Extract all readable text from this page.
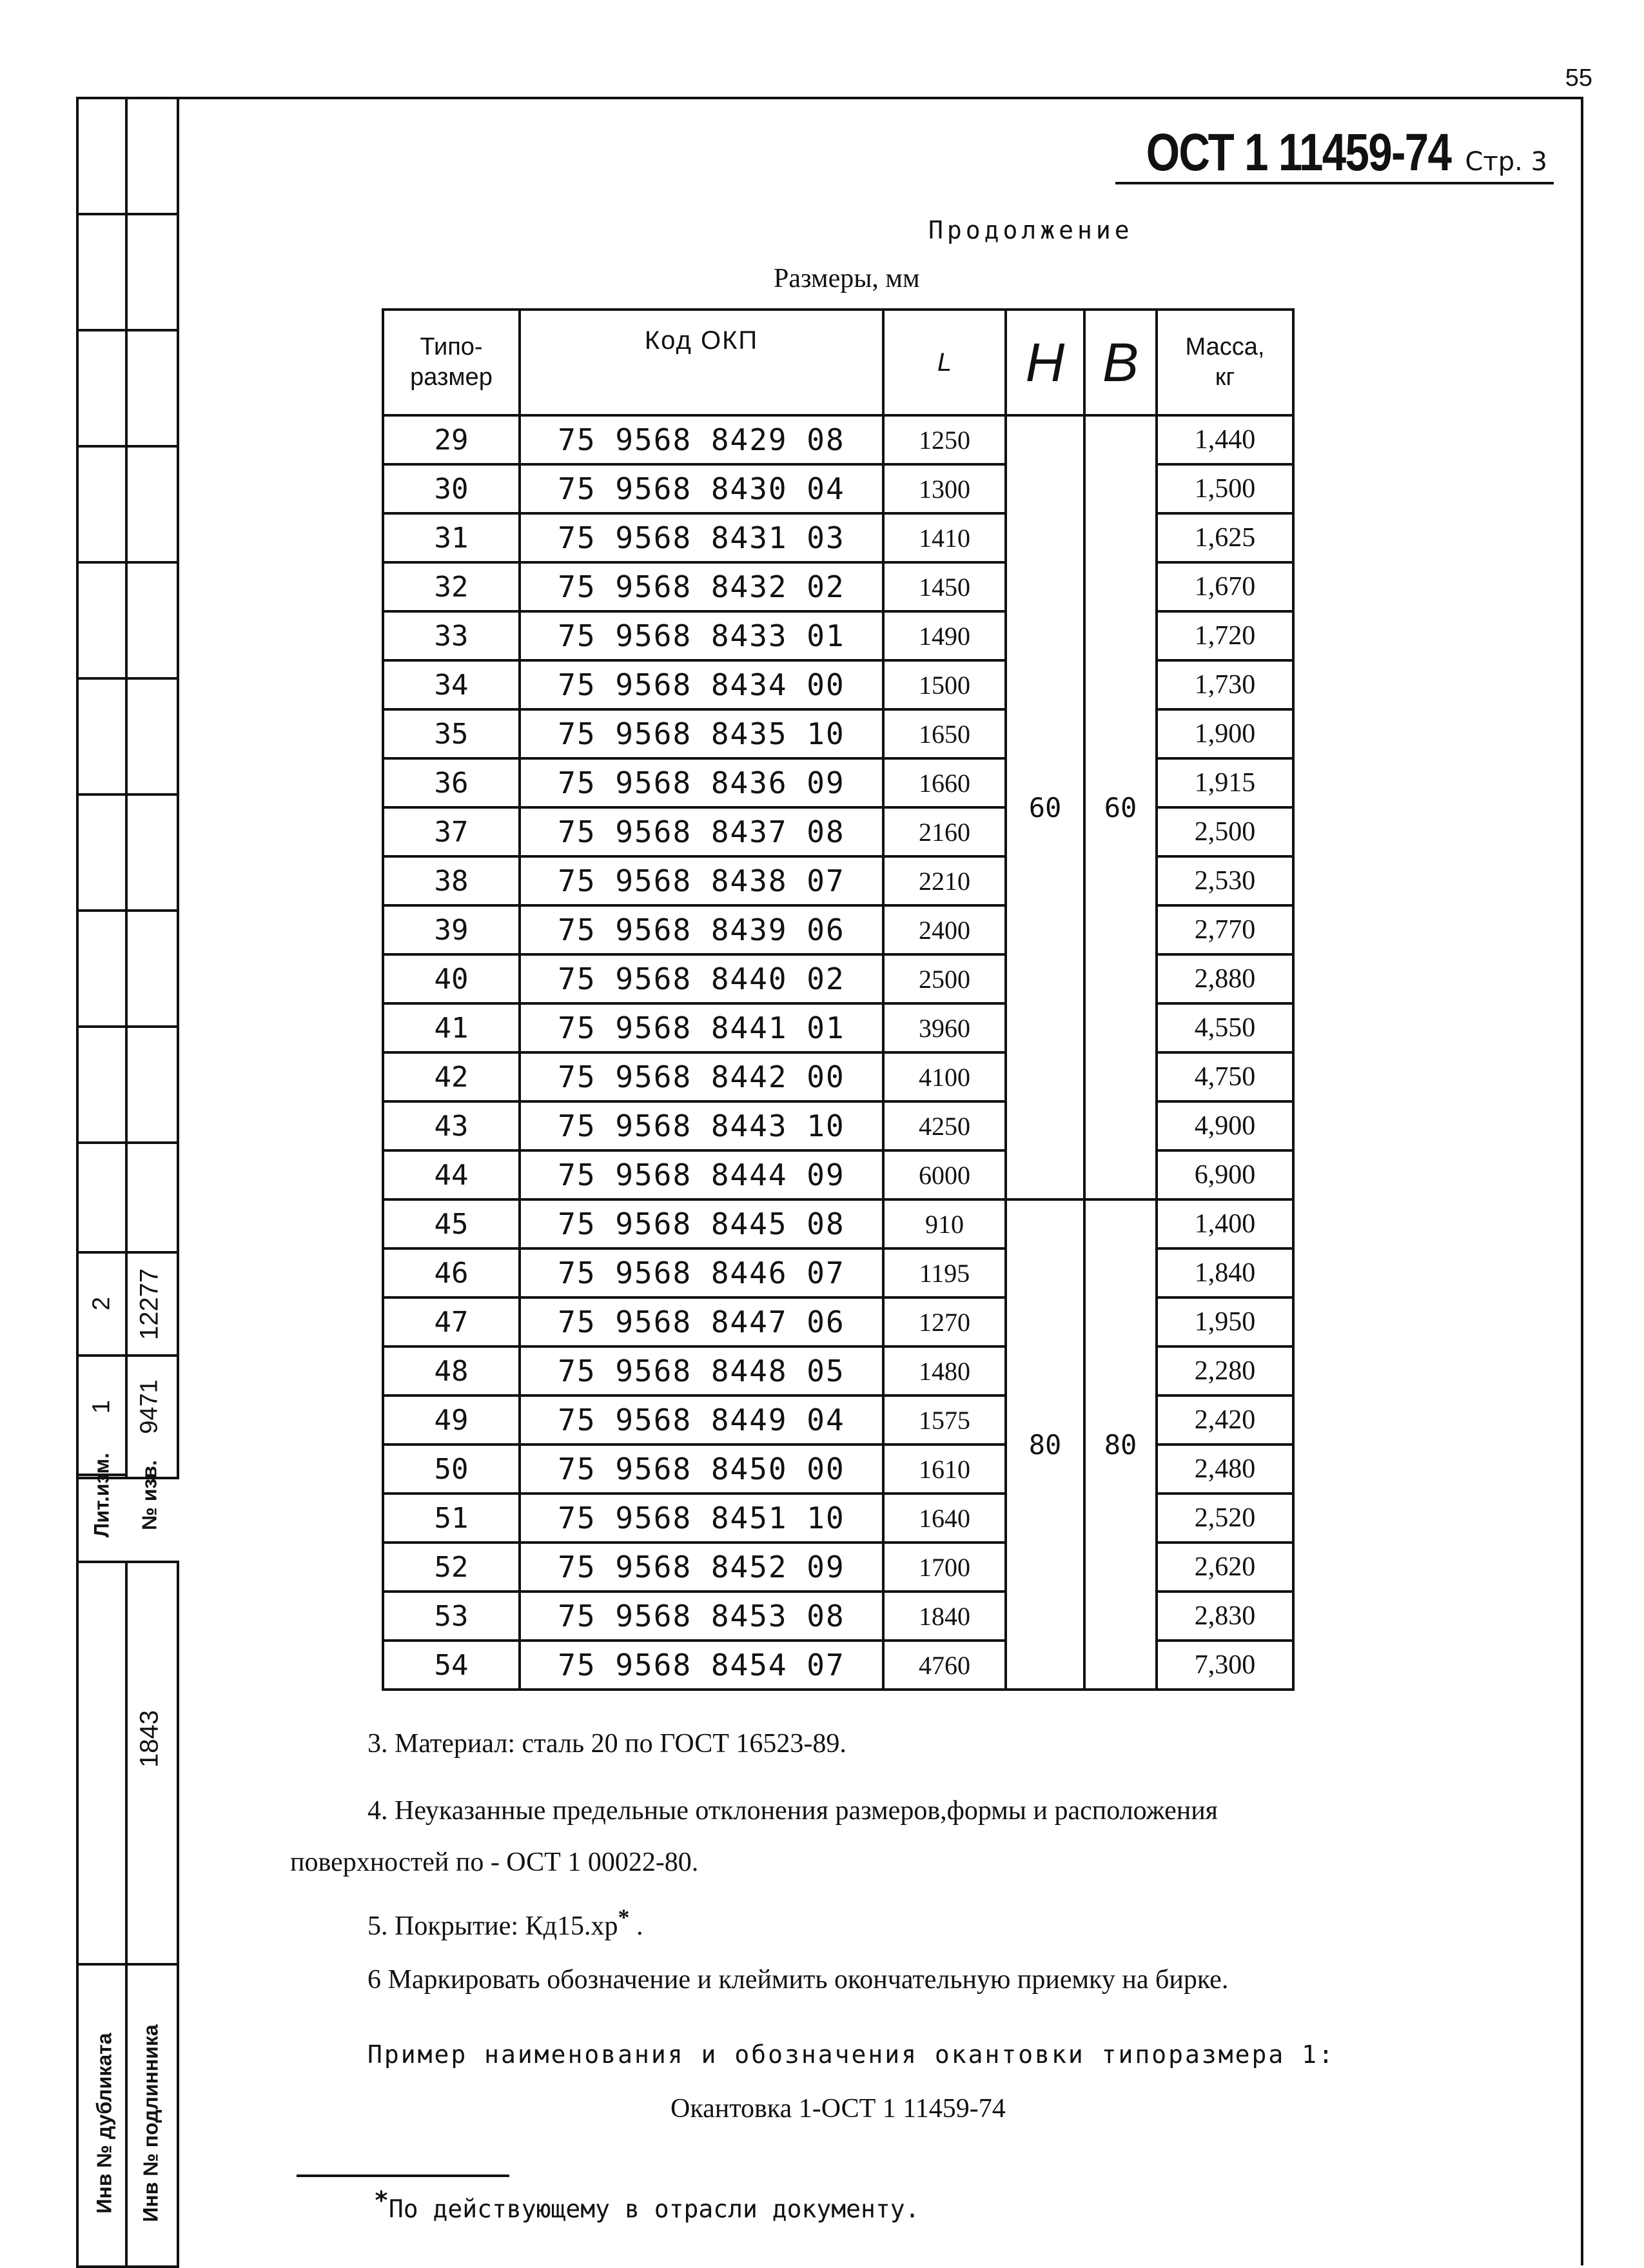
55
2 12277
1 9471
Лит.изм. № изв.
1843
Инв № дубликата Инв № подлинника
ОСТ 1 11459-74 Стр. 3
Продолжение
Размеры, мм
Типо-
размер	Код ОКП	L	H	B	Масса,
кг
29	75 9568 8429 08	1250	60	60	1,440
30	75 9568 8430 04	1300			1,500
31	75 9568 8431 03	1410			1,625
32	75 9568 8432 02	1450			1,670
33	75 9568 8433 01	1490			1,720
34	75 9568 8434 00	1500			1,730
35	75 9568 8435 10	1650			1,900
36	75 9568 8436 09	1660			1,915
37	75 9568 8437 08	2160			2,500
38	75 9568 8438 07	2210			2,530
39	75 9568 8439 06	2400			2,770
40	75 9568 8440 02	2500			2,880
41	75 9568 8441 01	3960			4,550
42	75 9568 8442 00	4100			4,750
43	75 9568 8443 10	4250			4,900
44	75 9568 8444 09	6000			6,900
45	75 9568 8445 08	910	80	80	1,400
46	75 9568 8446 07	1195			1,840
47	75 9568 8447 06	1270			1,950
48	75 9568 8448 05	1480			2,280
49	75 9568 8449 04	1575			2,420
50	75 9568 8450 00	1610			2,480
51	75 9568 8451 10	1640			2,520
52	75 9568 8452 09	1700			2,620
53	75 9568 8453 08	1840			2,830
54	75 9568 8454 07	4760			7,300
3. Материал: сталь 20 по ГОСТ 16523-89.
4. Неуказанные предельные отклонения размеров,формы и расположения
поверхностей по - ОСТ 1 00022-80.
5. Покрытие: Кд15.хр* .
6 Маркировать обозначение и клеймить окончательную приемку на бирке.
Пример наименования и обозначения окантовки типоразмера 1:
Окантовка 1-ОСТ 1 11459-74
*По действующему в отрасли документу.
